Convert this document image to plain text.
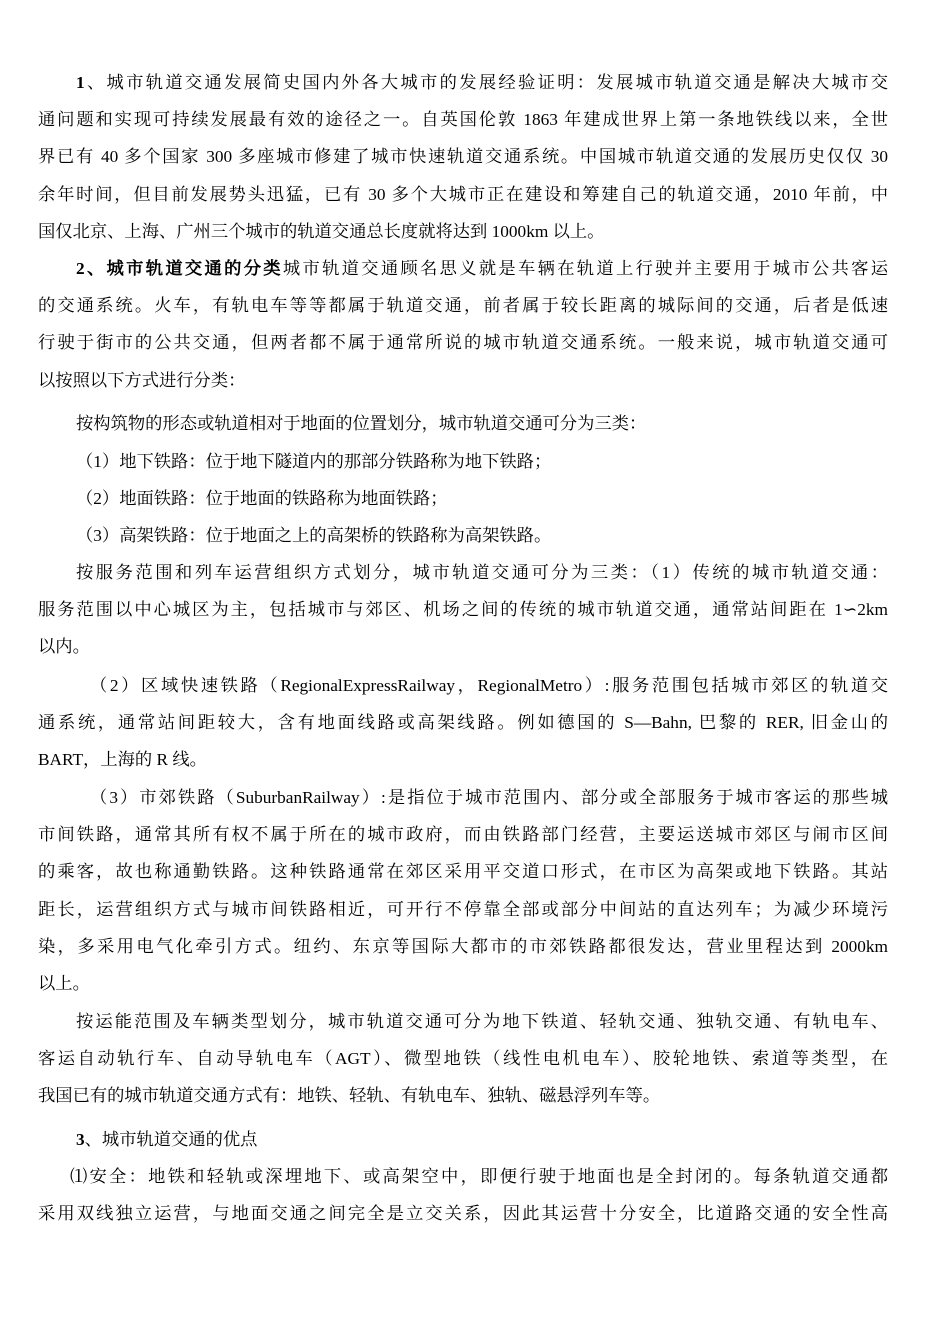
1、城市轨道交通发展简史国内外各大城市的发展经验证明：发展城市轨道交通是解决大城市交
通问题和实现可持续发展最有效的途径之一。自英国伦敦 1863 年建成世界上第一条地铁线以来，全世
界已有 40 多个国家 300 多座城市修建了城市快速轨道交通系统。中国城市轨道交通的发展历史仅仅 30
余年时间，但目前发展势头迅猛，已有 30 多个大城市正在建设和筹建自己的轨道交通，2010 年前，中
国仅北京、上海、广州三个城市的轨道交通总长度就将达到 1000km 以上。
2、城市轨道交通的分类城市轨道交通顾名思义就是车辆在轨道上行驶并主要用于城市公共客运
的交通系统。火车，有轨电车等等都属于轨道交通，前者属于较长距离的城际间的交通，后者是低速
行驶于街市的公共交通，但两者都不属于通常所说的城市轨道交通系统。一般来说，城市轨道交通可
以按照以下方式进行分类：
按构筑物的形态或轨道相对于地面的位置划分，城市轨道交通可分为三类：
（1）地下铁路：位于地下隧道内的那部分铁路称为地下铁路；
（2）地面铁路：位于地面的铁路称为地面铁路；
（3）高架铁路：位于地面之上的高架桥的铁路称为高架铁路。
按服务范围和列车运营组织方式划分，城市轨道交通可分为三类：（1）传统的城市轨道交通：
服务范围以中心城区为主，包括城市与郊区、机场之间的传统的城市轨道交通，通常站间距在 1∽2km
以内。
（2）区域快速铁路（RegionalExpressRailway，RegionalMetro）:服务范围包括城市郊区的轨道交
通系统，通常站间距较大，含有地面线路或高架线路。例如德国的 S—Bahn, 巴黎的 RER, 旧金山的
BART，上海的 R 线。
（3）市郊铁路（SuburbanRailway）:是指位于城市范围内、部分或全部服务于城市客运的那些城
市间铁路，通常其所有权不属于所在的城市政府，而由铁路部门经营，主要运送城市郊区与闹市区间
的乘客，故也称通勤铁路。这种铁路通常在郊区采用平交道口形式，在市区为高架或地下铁路。其站
距长，运营组织方式与城市间铁路相近，可开行不停靠全部或部分中间站的直达列车；为减少环境污
染，多采用电气化牵引方式。纽约、东京等国际大都市的市郊铁路都很发达，营业里程达到 2000km
以上。
按运能范围及车辆类型划分，城市轨道交通可分为地下铁道、轻轨交通、独轨交通、有轨电车、
客运自动轨行车、自动导轨电车（AGT）、微型地铁（线性电机电车）、胶轮地铁、索道等类型，在
我国已有的城市轨道交通方式有：地铁、轻轨、有轨电车、独轨、磁悬浮列车等。
3、城市轨道交通的优点
⑴安全：地铁和轻轨或深埋地下、或高架空中，即便行驶于地面也是全封闭的。每条轨道交通都
采用双线独立运营，与地面交通之间完全是立交关系，因此其运营十分安全，比道路交通的安全性高
